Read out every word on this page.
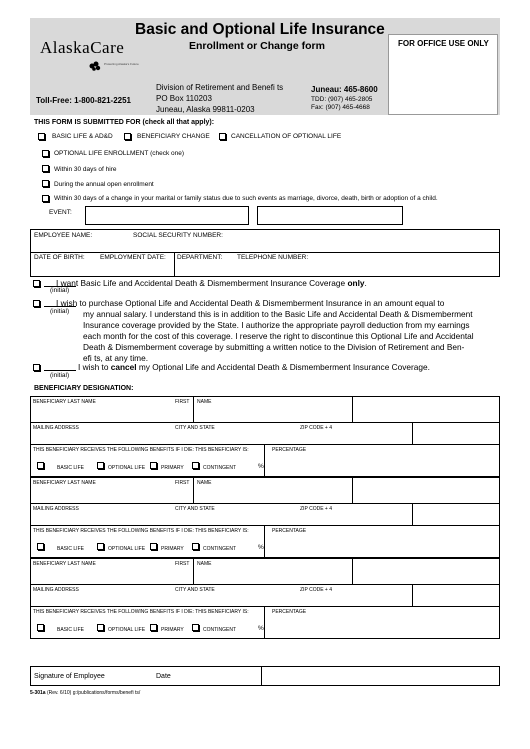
FOR OFFICE USE ONLY
AlaskaCare
Protecting Alaska's Future
Basic and Optional Life Insurance
Enrollment or Change form
Toll-Free: 1-800-821-2251
Division of Retirement and Benefi ts
PO Box 110203
Juneau, Alaska 99811-0203
Juneau: 465-8600
TDD: (907) 465-2805
Fax: (907) 465-4668
THIS FORM IS SUBMITTED FOR (check all that apply):
BASIC LIFE & AD&D	BENEFICIARY CHANGE	CANCELLATION OF OPTIONAL LIFE
OPTIONAL LIFE ENROLLMENT (check one)
Within 30 days of hire
During the annual open enrollment
Within 30 days of a change in your marital or family status due to such events as marriage, divorce, death, birth or adoption of a child.
EVENT:
EMPLOYEE NAME:	SOCIAL SECURITY NUMBER:
DATE OF BIRTH: EMPLOYMENT DATE: DEPARTMENT: TELEPHONE NUMBER:
(initial)
I want Basic Life and Accidental Death & Dismemberment Insurance Coverage only.
(initial)
I wish to purchase Optional Life and Accidental Death & Dismemberment Insurance in an amount equal to
my annual salary. I understand this is in addition to the Basic Life and Accidental Death & Dismemberment
Insurance coverage provided by the State. I authorize the appropriate payroll deduction from my earnings
each month for the cost of this coverage. I reserve the right to discontinue this Optional Life and Accidental
Death & Dismemberment coverage by submitting a written notice to the Division of Retirement and Ben-
efi ts, at any time.
(initial)
I wish to cancel my Optional Life and Accidental Death & Dismemberment Insurance Coverage.
BENEFICIARY DESIGNATION:
BENEFICIARY LAST NAME	FIRST NAME
MAILING ADDRESS	CITY AND STATE	ZIP CODE + 4
THIS BENEFICIARY RECEIVES THE FOLLOWING BENEFITS IF I DIE: THIS BENEFICIARY IS:	PERCENTAGE
BASIC LIFE	OPTIONAL LIFE	PRIMARY	CONTINGENT	%
BENEFICIARY LAST NAME	FIRST NAME
MAILING ADDRESS	CITY AND STATE	ZIP CODE + 4
THIS BENEFICIARY RECEIVES THE FOLLOWING BENEFITS IF I DIE: THIS BENEFICIARY IS:	PERCENTAGE
BASIC LIFE	OPTIONAL LIFE	PRIMARY	CONTINGENT	%
BENEFICIARY LAST NAME	FIRST NAME
MAILING ADDRESS	CITY AND STATE	ZIP CODE + 4
THIS BENEFICIARY RECEIVES THE FOLLOWING BENEFITS IF I DIE: THIS BENEFICIARY IS:	PERCENTAGE
BASIC LIFE	OPTIONAL LIFE	PRIMARY	CONTINGENT	%
Signature of Employee	Date
5-301a (Rev. 6/10) g:/publications/forms/benefi ts/
